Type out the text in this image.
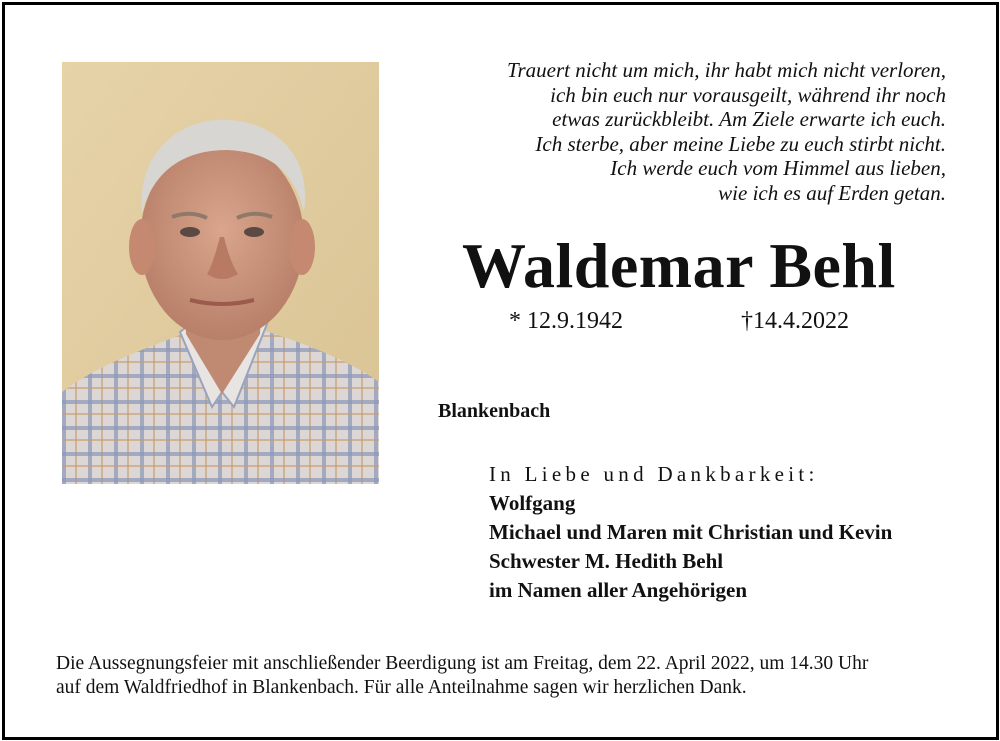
Trauert nicht um mich, ihr habt mich nicht verloren,
ich bin euch nur vorausgeilt, während ihr noch
etwas zurückbleibt. Am Ziele erwarte ich euch.
Ich sterbe, aber meine Liebe zu euch stirbt nicht.
Ich werde euch vom Himmel aus lieben,
wie ich es auf Erden getan.
Waldemar Behl
* 12.9.1942	†14.4.2022
Blankenbach
In Liebe und Dankbarkeit:
Wolfgang
Michael und Maren mit Christian und Kevin
Schwester M. Hedith Behl
im Namen aller Angehörigen
Die Aussegnungsfeier mit anschließender Beerdigung ist am Freitag, dem 22. April 2022, um 14.30 Uhr
auf dem Waldfriedhof in Blankenbach. Für alle Anteilnahme sagen wir herzlichen Dank.
